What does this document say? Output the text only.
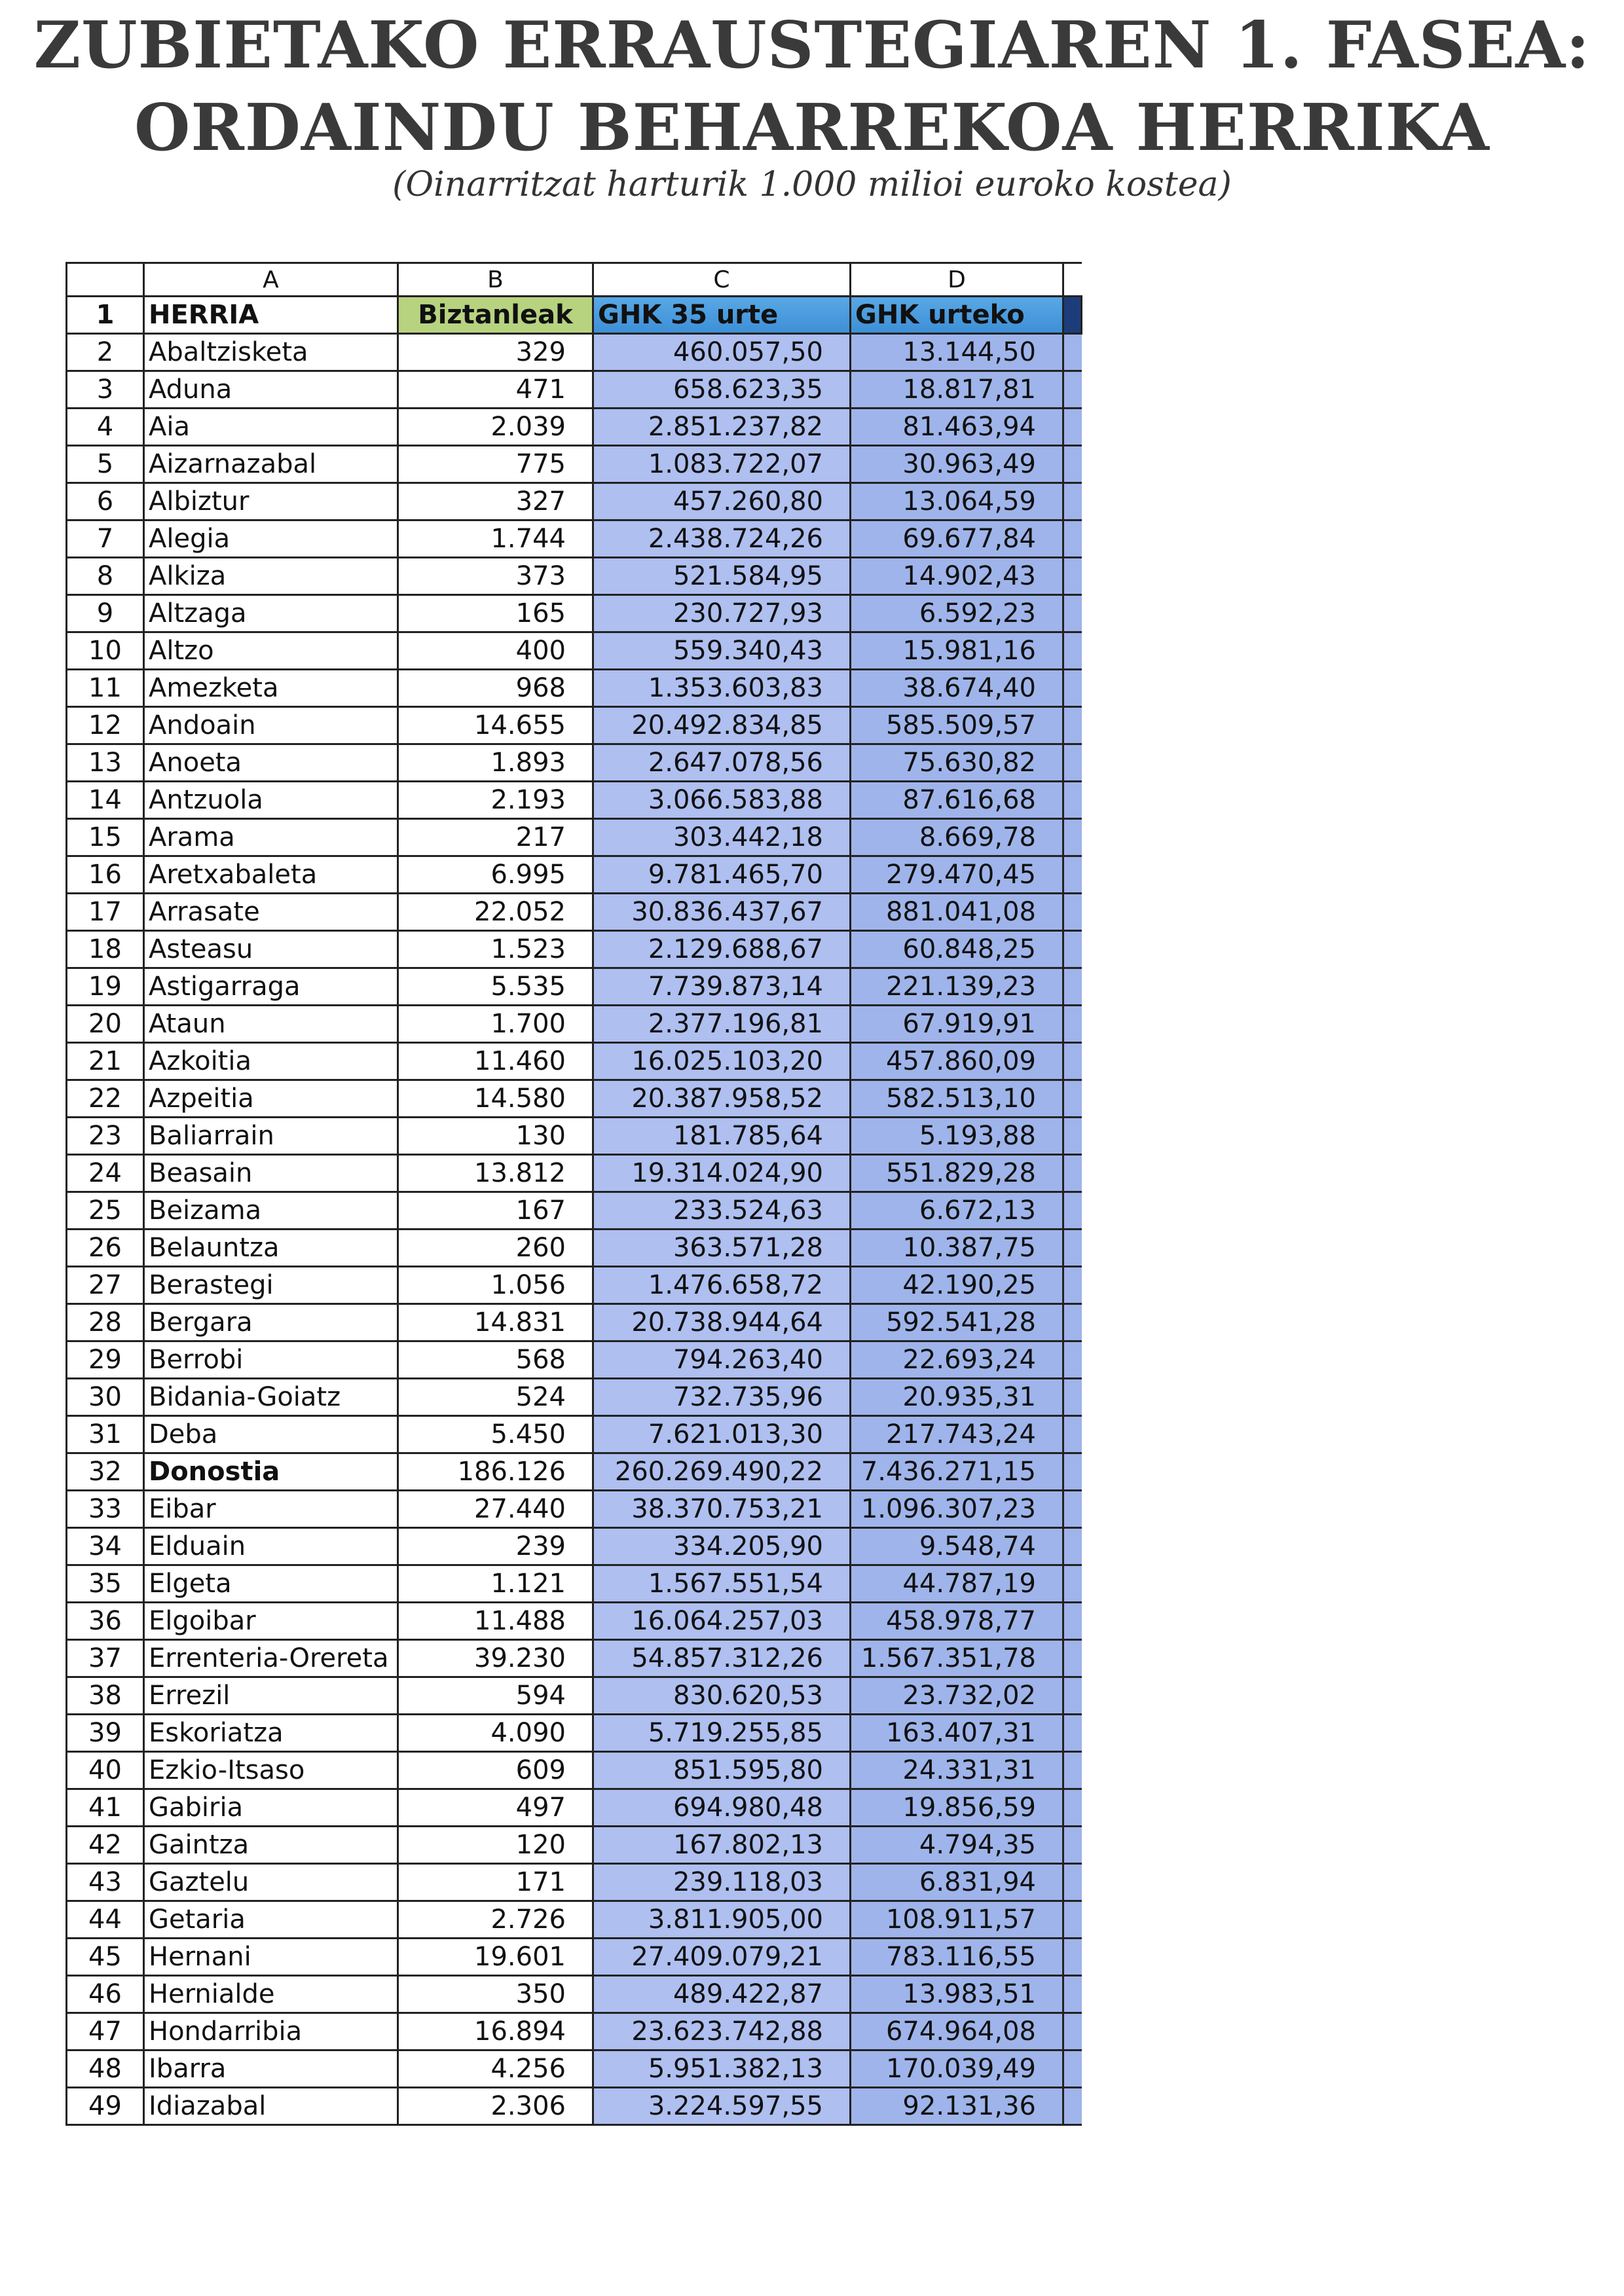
ZUBIETAKO ERRAUSTEGIAREN 1. FASEA:
ORDAINDU BEHARREKOA HERRIKA
(Oinarritzat harturik 1.000 milioi euroko kostea)
	A	B	C	D	
1	HERRIA	Biztanleak	GHK 35 urte	GHK urteko	
2	Abaltzisketa	329	460.057,50	13.144,50	
3	Aduna	471	658.623,35	18.817,81	
4	Aia	2.039	2.851.237,82	81.463,94	
5	Aizarnazabal	775	1.083.722,07	30.963,49	
6	Albiztur	327	457.260,80	13.064,59	
7	Alegia	1.744	2.438.724,26	69.677,84	
8	Alkiza	373	521.584,95	14.902,43	
9	Altzaga	165	230.727,93	6.592,23	
10	Altzo	400	559.340,43	15.981,16	
11	Amezketa	968	1.353.603,83	38.674,40	
12	Andoain	14.655	20.492.834,85	585.509,57	
13	Anoeta	1.893	2.647.078,56	75.630,82	
14	Antzuola	2.193	3.066.583,88	87.616,68	
15	Arama	217	303.442,18	8.669,78	
16	Aretxabaleta	6.995	9.781.465,70	279.470,45	
17	Arrasate	22.052	30.836.437,67	881.041,08	
18	Asteasu	1.523	2.129.688,67	60.848,25	
19	Astigarraga	5.535	7.739.873,14	221.139,23	
20	Ataun	1.700	2.377.196,81	67.919,91	
21	Azkoitia	11.460	16.025.103,20	457.860,09	
22	Azpeitia	14.580	20.387.958,52	582.513,10	
23	Baliarrain	130	181.785,64	5.193,88	
24	Beasain	13.812	19.314.024,90	551.829,28	
25	Beizama	167	233.524,63	6.672,13	
26	Belauntza	260	363.571,28	10.387,75	
27	Berastegi	1.056	1.476.658,72	42.190,25	
28	Bergara	14.831	20.738.944,64	592.541,28	
29	Berrobi	568	794.263,40	22.693,24	
30	Bidania-Goiatz	524	732.735,96	20.935,31	
31	Deba	5.450	7.621.013,30	217.743,24	
32	Donostia	186.126	260.269.490,22	7.436.271,15	
33	Eibar	27.440	38.370.753,21	1.096.307,23	
34	Elduain	239	334.205,90	9.548,74	
35	Elgeta	1.121	1.567.551,54	44.787,19	
36	Elgoibar	11.488	16.064.257,03	458.978,77	
37	Errenteria-Orereta	39.230	54.857.312,26	1.567.351,78	
38	Errezil	594	830.620,53	23.732,02	
39	Eskoriatza	4.090	5.719.255,85	163.407,31	
40	Ezkio-Itsaso	609	851.595,80	24.331,31	
41	Gabiria	497	694.980,48	19.856,59	
42	Gaintza	120	167.802,13	4.794,35	
43	Gaztelu	171	239.118,03	6.831,94	
44	Getaria	2.726	3.811.905,00	108.911,57	
45	Hernani	19.601	27.409.079,21	783.116,55	
46	Hernialde	350	489.422,87	13.983,51	
47	Hondarribia	16.894	23.623.742,88	674.964,08	
48	Ibarra	4.256	5.951.382,13	170.039,49	
49	Idiazabal	2.306	3.224.597,55	92.131,36	
